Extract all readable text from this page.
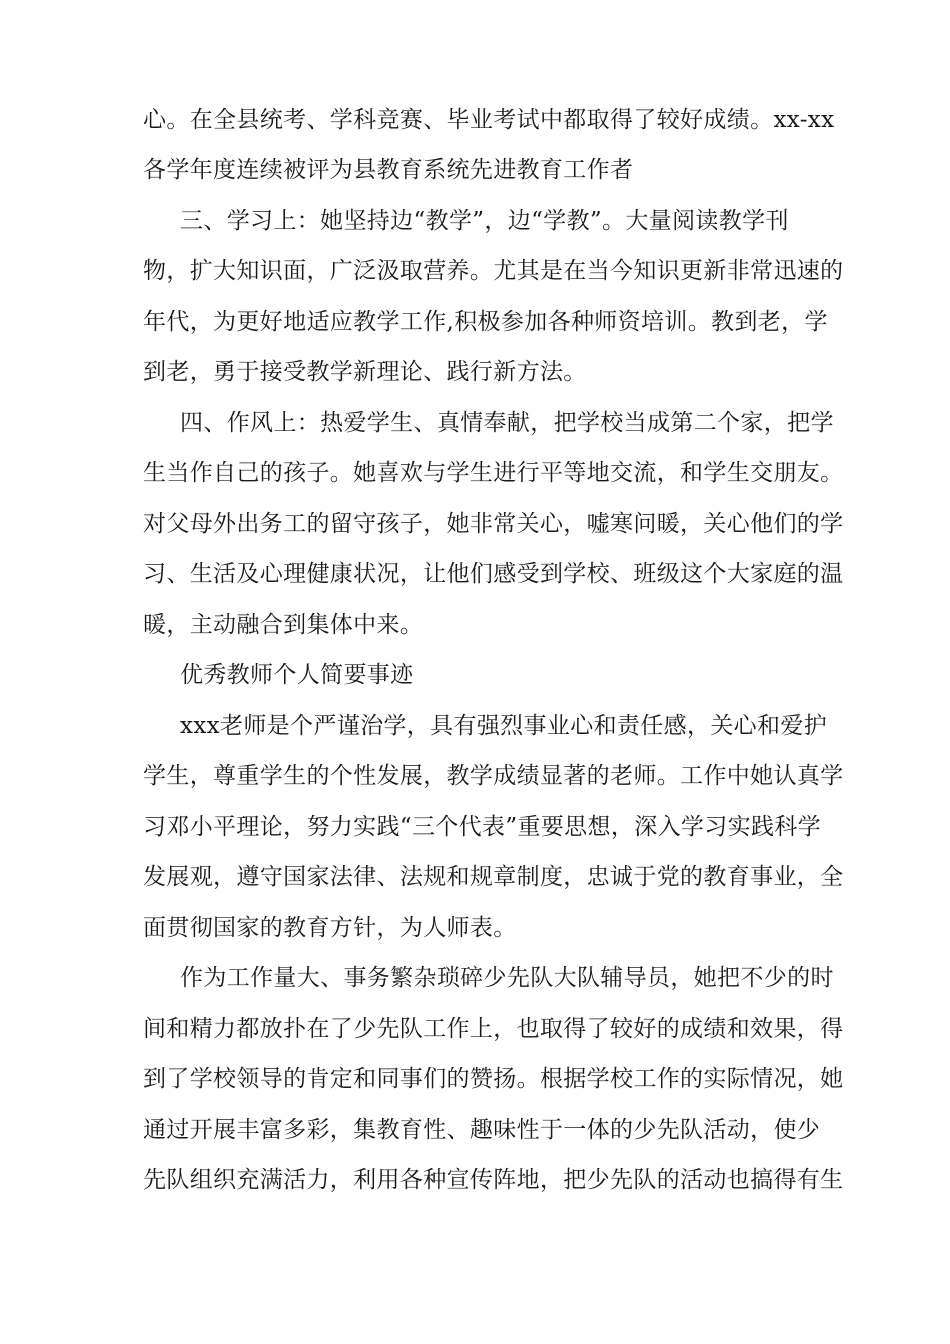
心。在全县统考、学科竞赛、毕业考试中都取得了较好成绩。xx-xx
各学年度连续被评为县教育系统先进教育工作者
三、学习上：她坚持边“教学”，边“学教”。大量阅读教学刊
物，扩大知识面，广泛汲取营养。尤其是在当今知识更新非常迅速的
年代，为更好地适应教学工作,积极参加各种师资培训。教到老，学
到老，勇于接受教学新理论、践行新方法。
四、作风上：热爱学生、真情奉献，把学校当成第二个家，把学
生当作自己的孩子。她喜欢与学生进行平等地交流，和学生交朋友。
对父母外出务工的留守孩子，她非常关心，嘘寒问暖，关心他们的学
习、生活及心理健康状况，让他们感受到学校、班级这个大家庭的温
暖，主动融合到集体中来。
优秀教师个人简要事迹
xxx老师是个严谨治学，具有强烈事业心和责任感，关心和爱护
学生，尊重学生的个性发展，教学成绩显著的老师。工作中她认真学
习邓小平理论，努力实践“三个代表”重要思想，深入学习实践科学
发展观，遵守国家法律、法规和规章制度，忠诚于党的教育事业，全
面贯彻国家的教育方针，为人师表。
作为工作量大、事务繁杂琐碎少先队大队辅导员，她把不少的时
间和精力都放扑在了少先队工作上，也取得了较好的成绩和效果，得
到了学校领导的肯定和同事们的赞扬。根据学校工作的实际情况，她
通过开展丰富多彩，集教育性、趣味性于一体的少先队活动，使少
先队组织充满活力，利用各种宣传阵地，把少先队的活动也搞得有生
